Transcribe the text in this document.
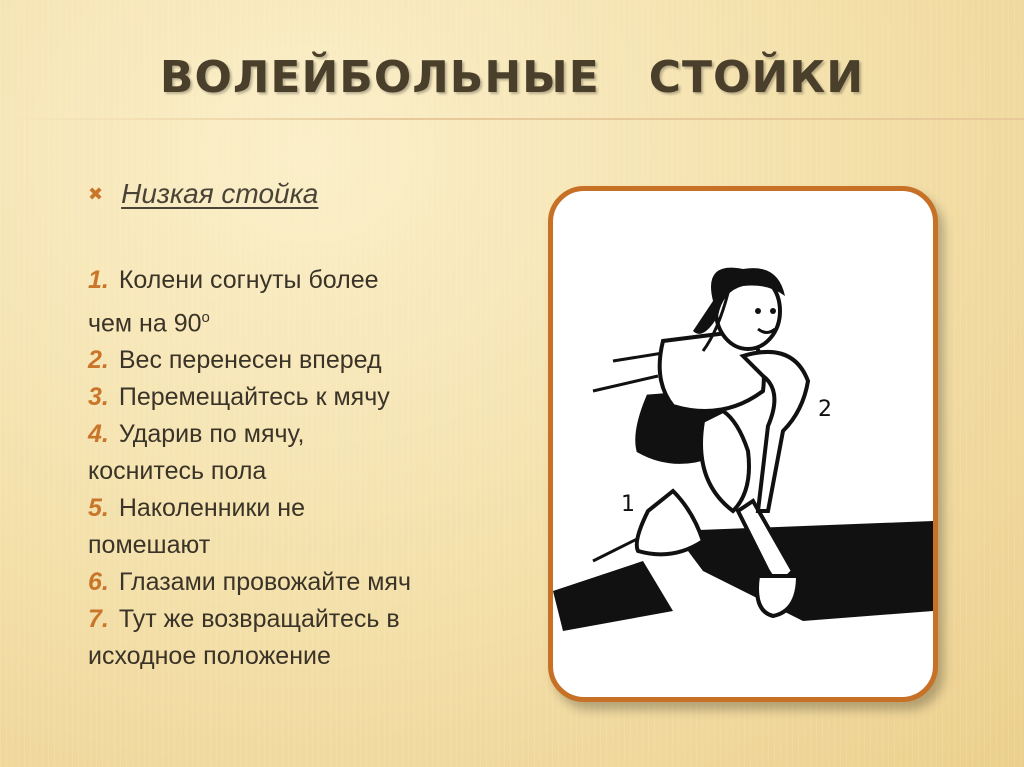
ВОЛЕЙБОЛЬНЫЕ   СТОЙКИ
✖ Низкая стойка
1. Колени согнуты более
чем на 90$^o$
2. Вес перенесен вперед
3. Перемещайтесь к мячу
4. Ударив по мячу,
коснитесь пола
5. Наколенники не
помешают
6. Глазами провожайте мяч
7. Тут же возвращайтесь в
исходное положение
2
1
